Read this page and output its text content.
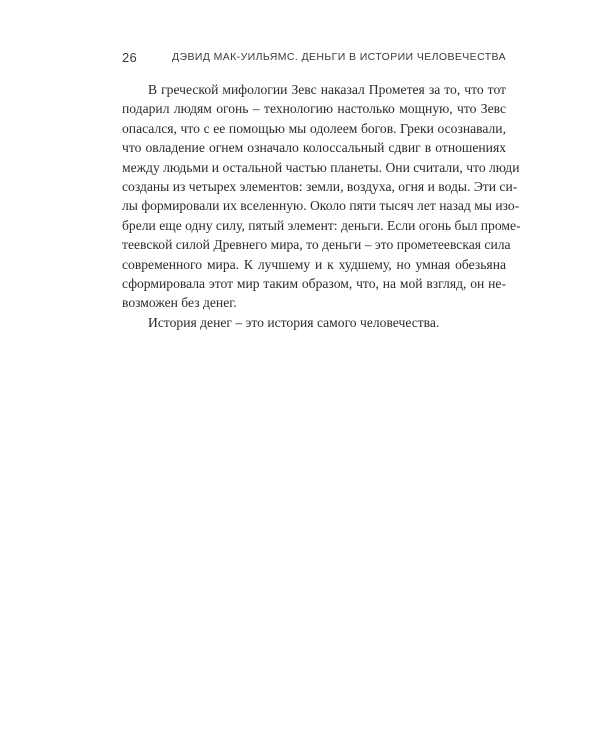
26	ДЭВИД МАК-УИЛЬЯМС. ДЕНЬГИ В ИСТОРИИ ЧЕЛОВЕЧЕСТВА
В греческой мифологии Зевс наказал Прометея за то, что тот
подарил людям огонь – технологию настолько мощную, что Зевс
опасался, что с ее помощью мы одолеем богов. Греки осознавали,
что овладение огнем означало колоссальный сдвиг в отношениях
между людьми и остальной частью планеты. Они считали, что люди
созданы из четырех элементов: земли, воздуха, огня и воды. Эти си-
лы формировали их вселенную. Около пяти тысяч лет назад мы изо-
брели еще одну силу, пятый элемент: деньги. Если огонь был проме-
теевской силой Древнего мира, то деньги – это прометеевская сила
современного мира. К лучшему и к худшему, но умная обезьяна
сформировала этот мир таким образом, что, на мой взгляд, он не-
возможен без денег.
История денег – это история самого человечества.
